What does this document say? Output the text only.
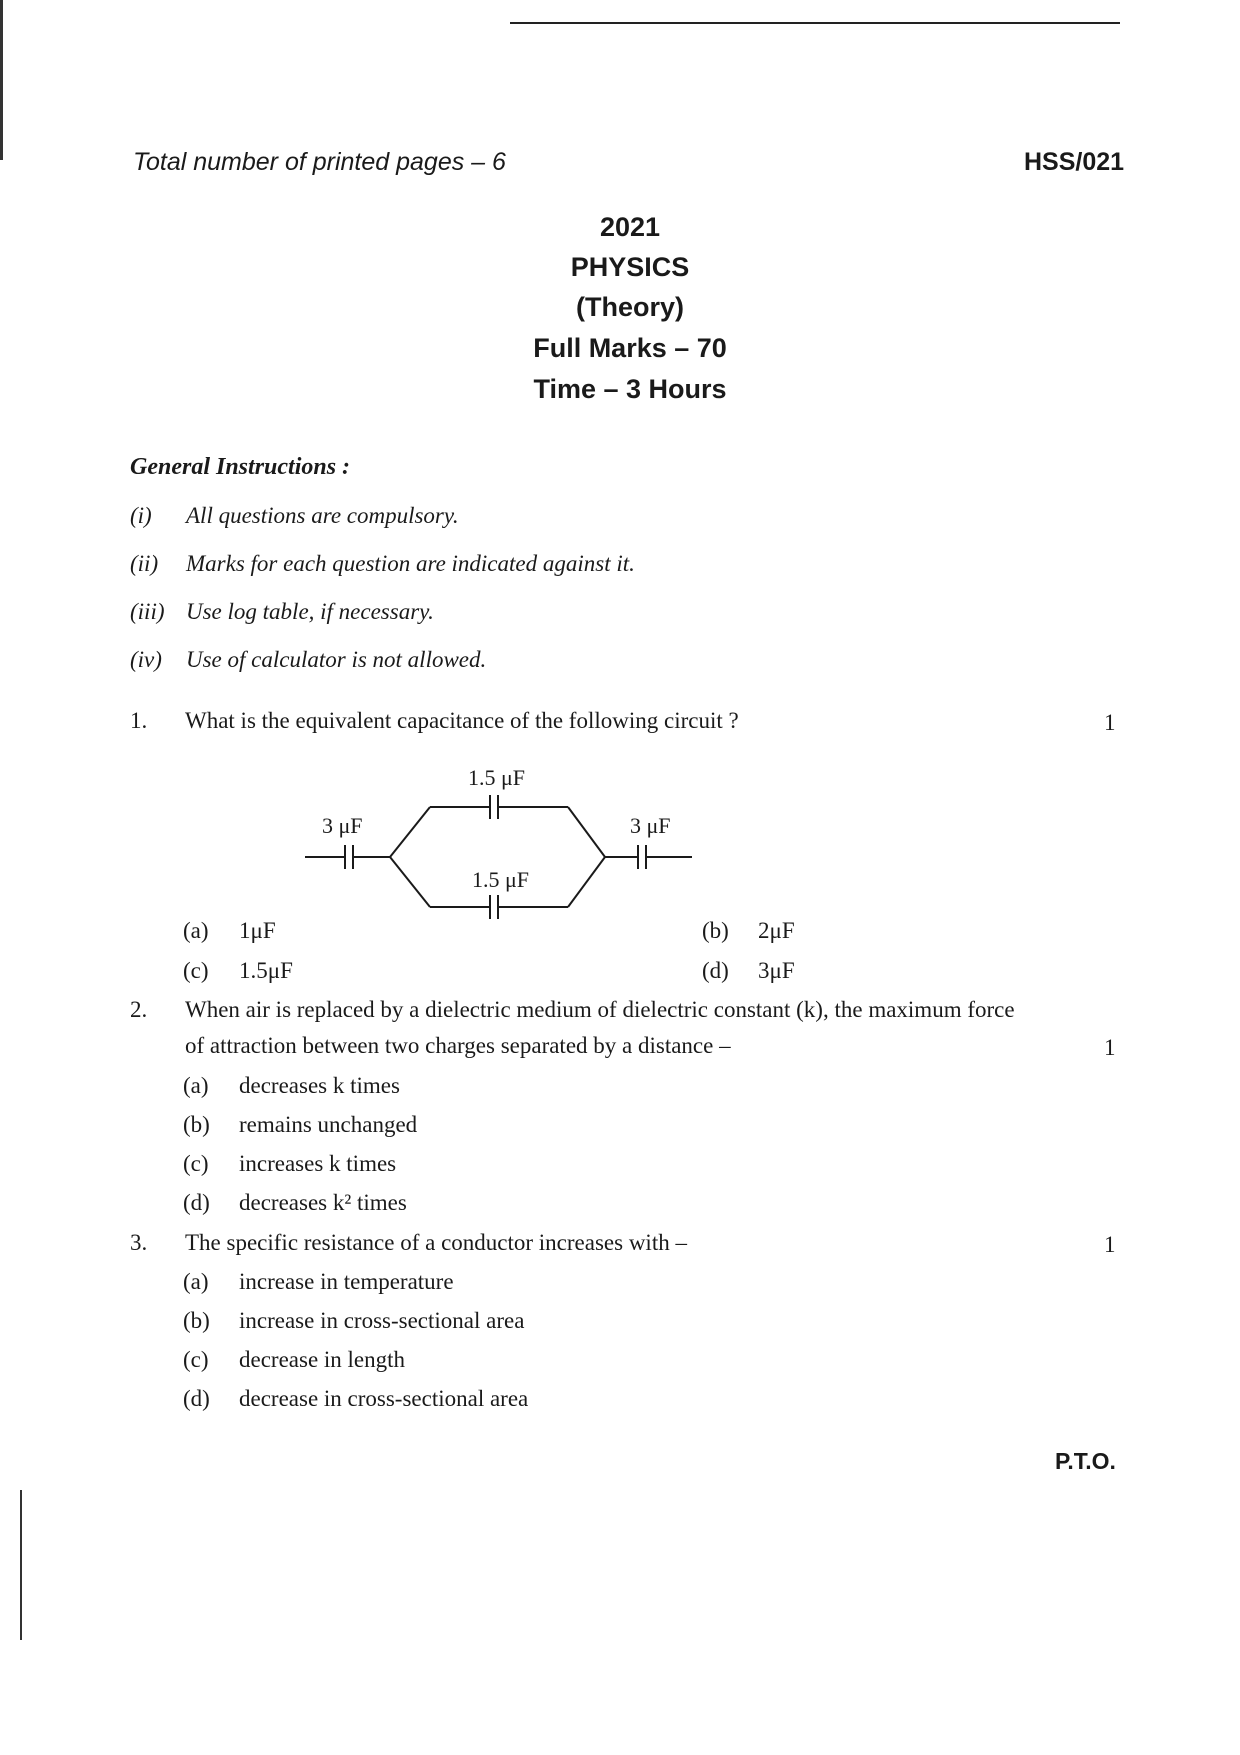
Total number of printed pages – 6	HSS/021
2021
PHYSICS
(Theory)
Full Marks – 70
Time – 3 Hours
General Instructions :
(i) All questions are compulsory.
(ii) Marks for each question are indicated against it.
(iii) Use log table, if necessary.
(iv) Use of calculator is not allowed.
1. What is the equivalent capacitance of the following circuit ?	1
3 μF
1.5 μF
1.5 μF
3 μF
(a) 1μF	(b) 2μF
(c) 1.5μF	(d) 3μF
2. When air is replaced by a dielectric medium of dielectric constant (k), the maximum force
of attraction between two charges separated by a distance –	1
(a) decreases k times
(b) remains unchanged
(c) increases k times
(d) decreases k² times
3. The specific resistance of a conductor increases with –	1
(a) increase in temperature
(b) increase in cross-sectional area
(c) decrease in length
(d) decrease in cross-sectional area
P.T.O.
